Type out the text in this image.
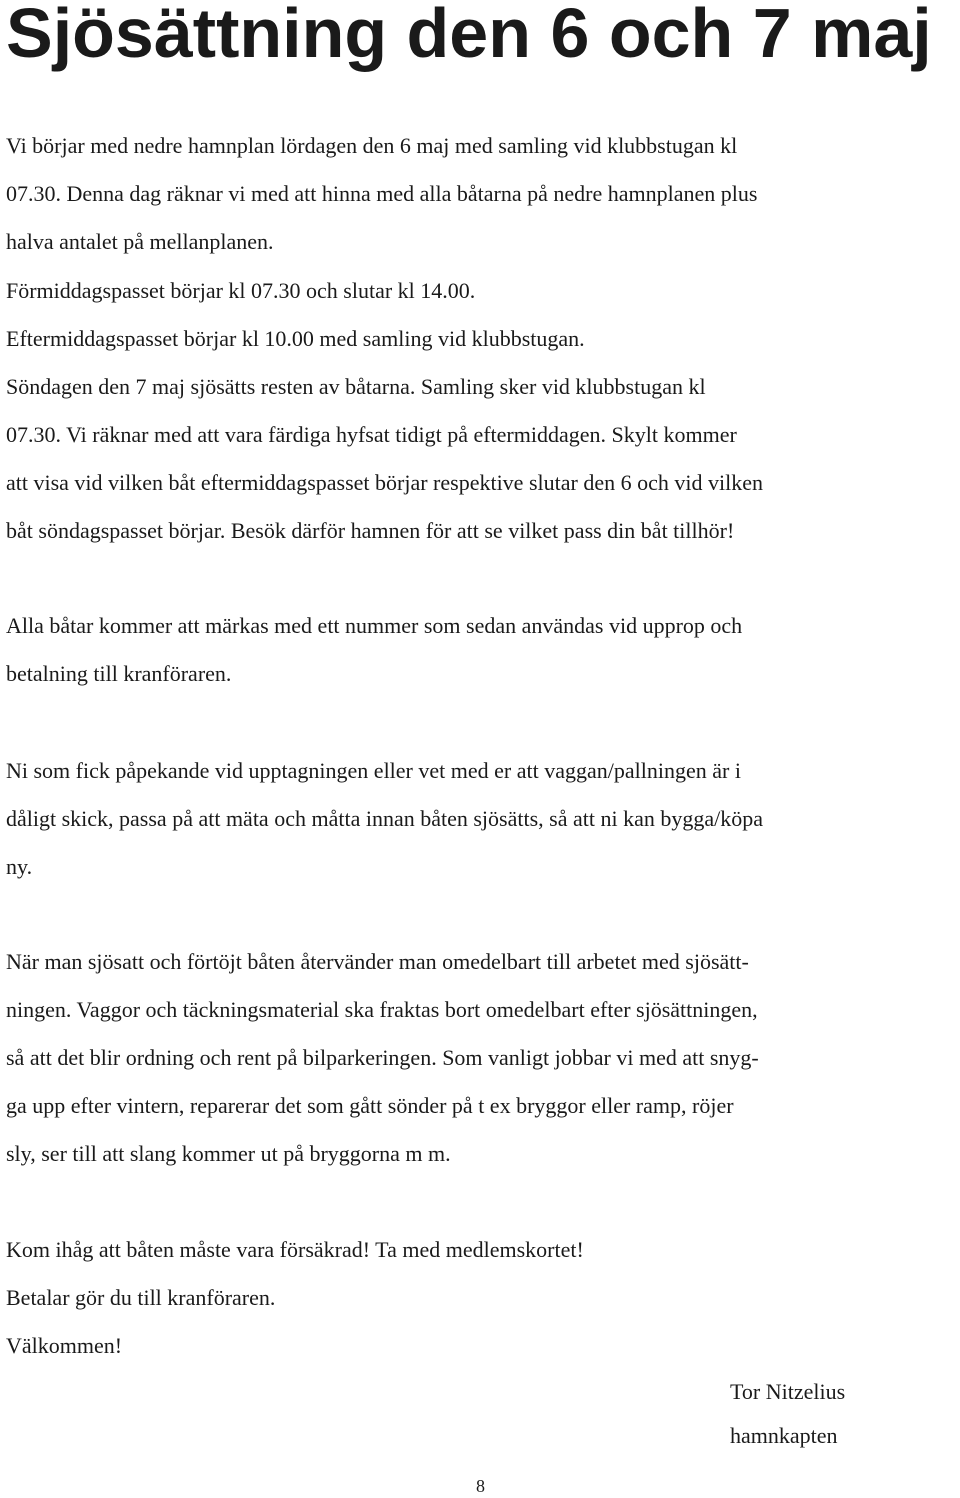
Sjösättning den 6 och 7 maj
Vi börjar med nedre hamnplan lördagen den 6 maj med samling vid klubbstugan kl
07.30. Denna dag räknar vi med att hinna med alla båtarna på nedre hamnplanen plus
halva antalet på mellanplanen.
Förmiddagspasset börjar kl 07.30 och slutar kl 14.00.
Eftermiddagspasset börjar kl 10.00 med samling vid klubbstugan.
Söndagen den 7 maj sjösätts resten av båtarna. Samling sker vid klubbstugan kl
07.30. Vi räknar med att vara färdiga hyfsat tidigt på eftermiddagen. Skylt kommer
att visa vid vilken båt eftermiddagspasset börjar respektive slutar den 6 och vid vilken
båt söndagspasset börjar. Besök därför hamnen för att se vilket pass din båt tillhör!
Alla båtar kommer att märkas med ett nummer som sedan användas vid upprop och
betalning till kranföraren.
Ni som fick påpekande vid upptagningen eller vet med er att vaggan/pallningen är i
dåligt skick, passa på att mäta och måtta innan båten sjösätts, så att ni kan bygga/köpa
ny.
När man sjösatt och förtöjt båten återvänder man omedelbart till arbetet med sjösätt-
ningen. Vaggor och täckningsmaterial ska fraktas bort omedelbart efter sjösättningen,
så att det blir ordning och rent på bilparkeringen. Som vanligt jobbar vi med att snyg-
ga upp efter vintern, reparerar det som gått sönder på t ex bryggor eller ramp, röjer
sly, ser till att slang kommer ut på bryggorna m m.
Kom ihåg att båten måste vara försäkrad! Ta med medlemskortet!
Betalar gör du till kranföraren.
Välkommen!
Tor Nitzelius
hamnkapten
8
